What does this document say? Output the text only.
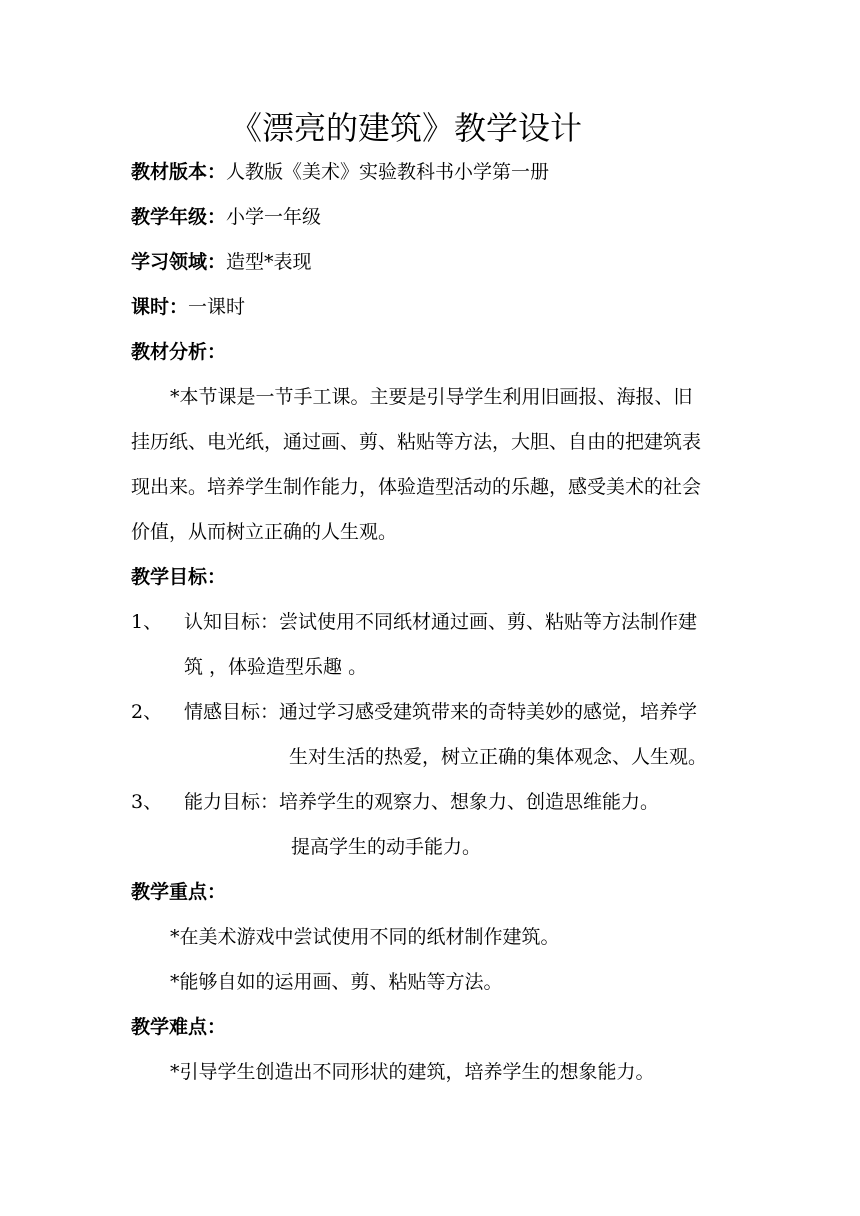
《漂亮的建筑》教学设计
教材版本：人教版《美术》实验教科书小学第一册
教学年级：小学一年级
学习领域：造型*表现
课时：一课时
教材分析：
*本节课是一节手工课。主要是引导学生利用旧画报、海报、旧
挂历纸、电光纸，通过画、剪、粘贴等方法，大胆、自由的把建筑表
现出来。培养学生制作能力，体验造型活动的乐趣，感受美术的社会
价值，从而树立正确的人生观。
教学目标：
1、 认知目标：尝试使用不同纸材通过画、剪、粘贴等方法制作建
筑 ，体验造型乐趣 。
2、 情感目标：通过学习感受建筑带来的奇特美妙的感觉，培养学
生对生活的热爱，树立正确的集体观念、人生观。
3、 能力目标：培养学生的观察力、想象力、创造思维能力。
提高学生的动手能力。
教学重点：
*在美术游戏中尝试使用不同的纸材制作建筑。
*能够自如的运用画、剪、粘贴等方法。
教学难点：
*引导学生创造出不同形状的建筑，培养学生的想象能力。
